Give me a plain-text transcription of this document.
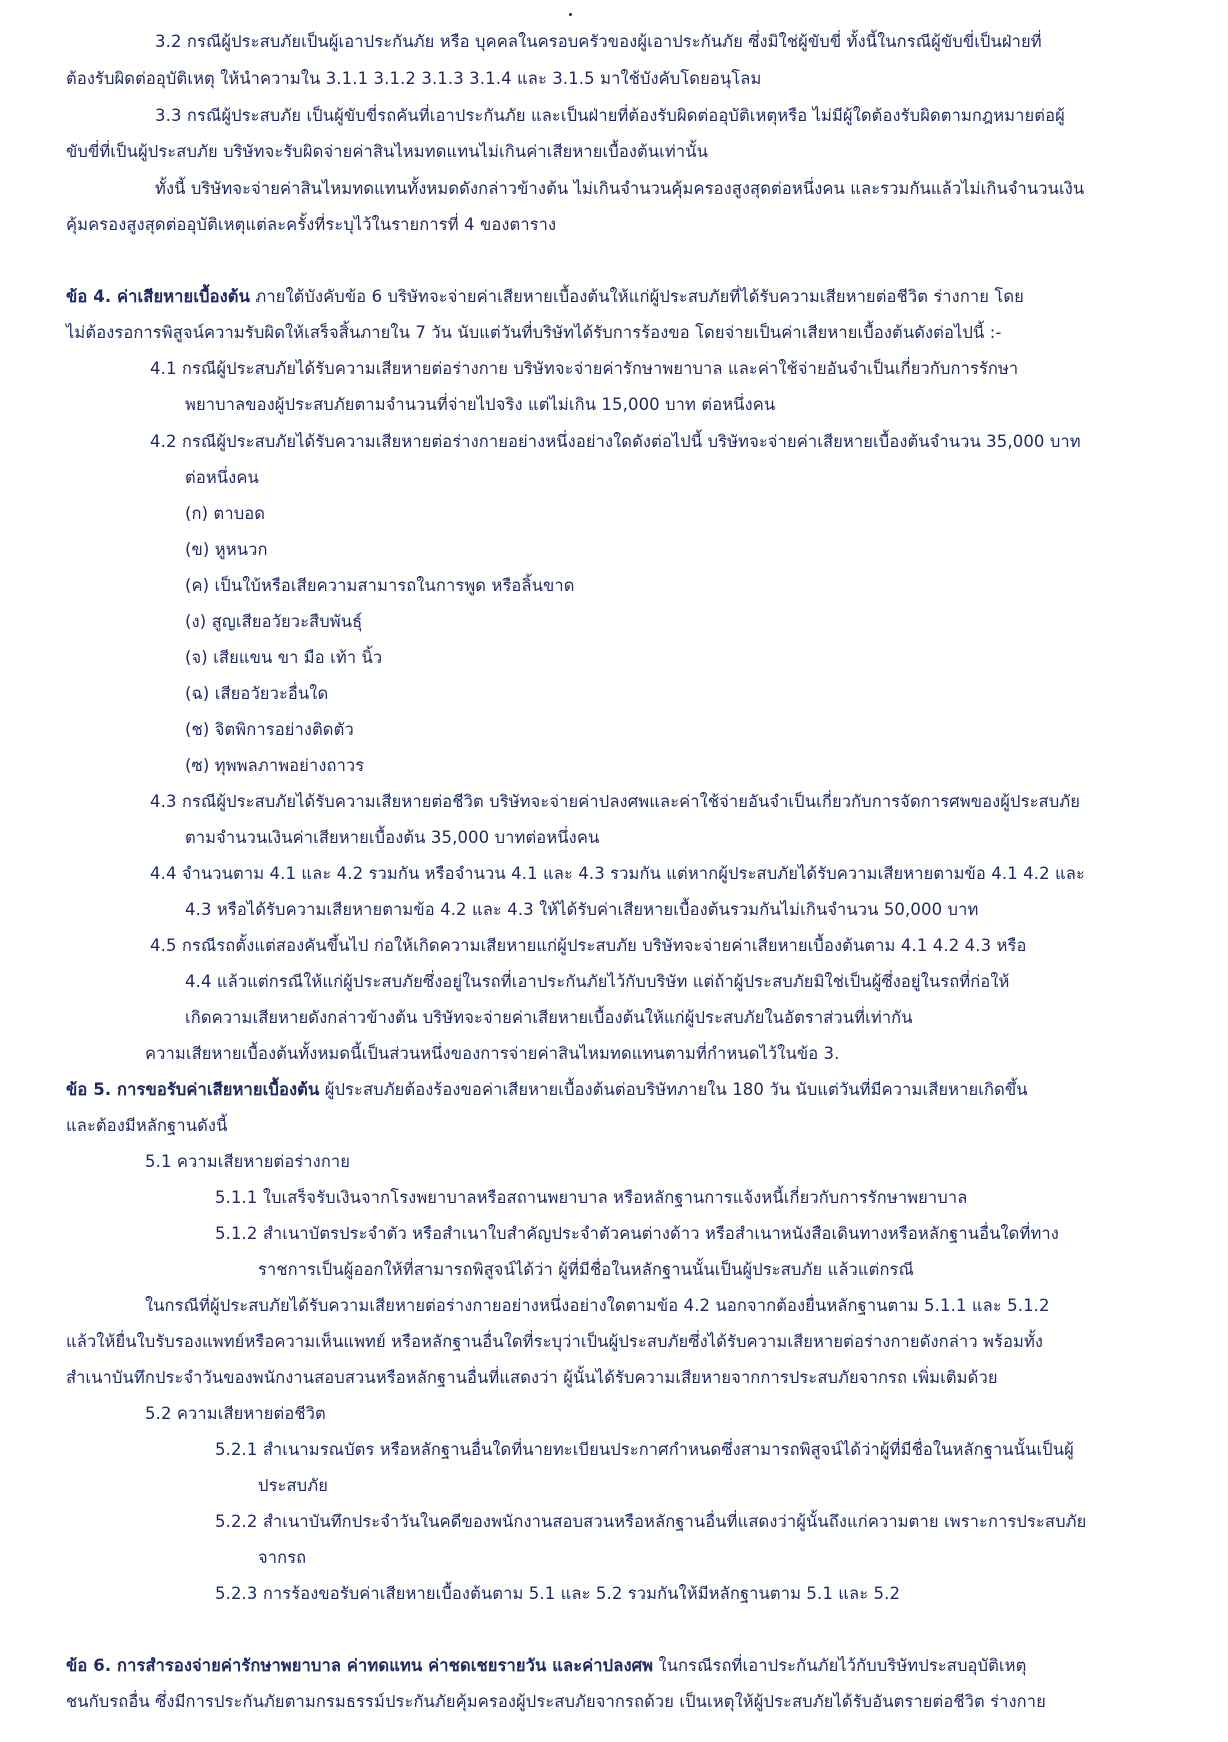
3.2 กรณีผู้ประสบภัยเป็นผู้เอาประกันภัย หรือ บุคคลในครอบครัวของผู้เอาประกันภัย ซึ่งมิใช่ผู้ขับขี่ ทั้งนี้ในกรณีผู้ขับขี่เป็นฝ่ายที่
ต้องรับผิดต่ออุบัติเหตุ ให้นำความใน 3.1.1 3.1.2 3.1.3 3.1.4 และ 3.1.5 มาใช้บังคับโดยอนุโลม
3.3 กรณีผู้ประสบภัย เป็นผู้ขับขี่รถคันที่เอาประกันภัย และเป็นฝ่ายที่ต้องรับผิดต่ออุบัติเหตุหรือ ไม่มีผู้ใดต้องรับผิดตามกฎหมายต่อผู้
ขับขี่ที่เป็นผู้ประสบภัย บริษัทจะรับผิดจ่ายค่าสินไหมทดแทนไม่เกินค่าเสียหายเบื้องต้นเท่านั้น
ทั้งนี้ บริษัทจะจ่ายค่าสินไหมทดแทนทั้งหมดดังกล่าวข้างต้น ไม่เกินจำนวนคุ้มครองสูงสุดต่อหนึ่งคน และรวมกันแล้วไม่เกินจำนวนเงิน
คุ้มครองสูงสุดต่ออุบัติเหตุแต่ละครั้งที่ระบุไว้ในรายการที่ 4 ของตาราง
ข้อ 4. ค่าเสียหายเบื้องต้น ภายใต้บังคับข้อ 6 บริษัทจะจ่ายค่าเสียหายเบื้องต้นให้แก่ผู้ประสบภัยที่ได้รับความเสียหายต่อชีวิต ร่างกาย โดย
ไม่ต้องรอการพิสูจน์ความรับผิดให้เสร็จสิ้นภายใน 7 วัน นับแต่วันที่บริษัทได้รับการร้องขอ โดยจ่ายเป็นค่าเสียหายเบื้องต้นดังต่อไปนี้ :-
4.1 กรณีผู้ประสบภัยได้รับความเสียหายต่อร่างกาย บริษัทจะจ่ายค่ารักษาพยาบาล และค่าใช้จ่ายอันจำเป็นเกี่ยวกับการรักษา
พยาบาลของผู้ประสบภัยตามจำนวนที่จ่ายไปจริง แต่ไม่เกิน 15,000 บาท ต่อหนึ่งคน
4.2 กรณีผู้ประสบภัยได้รับความเสียหายต่อร่างกายอย่างหนึ่งอย่างใดดังต่อไปนี้ บริษัทจะจ่ายค่าเสียหายเบื้องต้นจำนวน 35,000 บาท
ต่อหนึ่งคน
(ก) ตาบอด
(ข) หูหนวก
(ค) เป็นใบ้หรือเสียความสามารถในการพูด หรือลิ้นขาด
(ง) สูญเสียอวัยวะสืบพันธุ์
(จ) เสียแขน ขา มือ เท้า นิ้ว
(ฉ) เสียอวัยวะอื่นใด
(ช) จิตพิการอย่างติดตัว
(ซ) ทุพพลภาพอย่างถาวร
4.3 กรณีผู้ประสบภัยได้รับความเสียหายต่อชีวิต บริษัทจะจ่ายค่าปลงศพและค่าใช้จ่ายอันจำเป็นเกี่ยวกับการจัดการศพของผู้ประสบภัย
ตามจำนวนเงินค่าเสียหายเบื้องต้น 35,000 บาทต่อหนึ่งคน
4.4 จำนวนตาม 4.1 และ 4.2 รวมกัน หรือจำนวน 4.1 และ 4.3 รวมกัน แต่หากผู้ประสบภัยได้รับความเสียหายตามข้อ 4.1 4.2 และ
4.3 หรือได้รับความเสียหายตามข้อ 4.2 และ 4.3 ให้ได้รับค่าเสียหายเบื้องต้นรวมกันไม่เกินจำนวน 50,000 บาท
4.5 กรณีรถตั้งแต่สองคันขึ้นไป ก่อให้เกิดความเสียหายแก่ผู้ประสบภัย บริษัทจะจ่ายค่าเสียหายเบื้องต้นตาม 4.1 4.2 4.3 หรือ
4.4 แล้วแต่กรณีให้แก่ผู้ประสบภัยซึ่งอยู่ในรถที่เอาประกันภัยไว้กับบริษัท แต่ถ้าผู้ประสบภัยมิใช่เป็นผู้ซึ่งอยู่ในรถที่ก่อให้
เกิดความเสียหายดังกล่าวข้างต้น บริษัทจะจ่ายค่าเสียหายเบื้องต้นให้แก่ผู้ประสบภัยในอัตราส่วนที่เท่ากัน
ความเสียหายเบื้องต้นทั้งหมดนี้เป็นส่วนหนึ่งของการจ่ายค่าสินไหมทดแทนตามที่กำหนดไว้ในข้อ 3.
ข้อ 5. การขอรับค่าเสียหายเบื้องต้น ผู้ประสบภัยต้องร้องขอค่าเสียหายเบื้องต้นต่อบริษัทภายใน 180 วัน นับแต่วันที่มีความเสียหายเกิดขึ้น
และต้องมีหลักฐานดังนี้
5.1 ความเสียหายต่อร่างกาย
5.1.1 ใบเสร็จรับเงินจากโรงพยาบาลหรือสถานพยาบาล หรือหลักฐานการแจ้งหนี้เกี่ยวกับการรักษาพยาบาล
5.1.2 สำเนาบัตรประจำตัว หรือสำเนาใบสำคัญประจำตัวคนต่างด้าว หรือสำเนาหนังสือเดินทางหรือหลักฐานอื่นใดที่ทาง
ราชการเป็นผู้ออกให้ที่สามารถพิสูจน์ได้ว่า ผู้ที่มีชื่อในหลักฐานนั้นเป็นผู้ประสบภัย แล้วแต่กรณี
ในกรณีที่ผู้ประสบภัยได้รับความเสียหายต่อร่างกายอย่างหนึ่งอย่างใดตามข้อ 4.2 นอกจากต้องยื่นหลักฐานตาม 5.1.1 และ 5.1.2
แล้วให้ยื่นใบรับรองแพทย์หรือความเห็นแพทย์ หรือหลักฐานอื่นใดที่ระบุว่าเป็นผู้ประสบภัยซึ่งได้รับความเสียหายต่อร่างกายดังกล่าว พร้อมทั้ง
สำเนาบันทึกประจำวันของพนักงานสอบสวนหรือหลักฐานอื่นที่แสดงว่า ผู้นั้นได้รับความเสียหายจากการประสบภัยจากรถ เพิ่มเติมด้วย
5.2 ความเสียหายต่อชีวิต
5.2.1 สำเนามรณบัตร หรือหลักฐานอื่นใดที่นายทะเบียนประกาศกำหนดซึ่งสามารถพิสูจน์ได้ว่าผู้ที่มีชื่อในหลักฐานนั้นเป็นผู้
ประสบภัย
5.2.2 สำเนาบันทึกประจำวันในคดีของพนักงานสอบสวนหรือหลักฐานอื่นที่แสดงว่าผู้นั้นถึงแก่ความตาย เพราะการประสบภัย
จากรถ
5.2.3 การร้องขอรับค่าเสียหายเบื้องต้นตาม 5.1 และ 5.2 รวมกันให้มีหลักฐานตาม 5.1 และ 5.2
ข้อ 6. การสำรองจ่ายค่ารักษาพยาบาล ค่าทดแทน ค่าชดเชยรายวัน และค่าปลงศพ ในกรณีรถที่เอาประกันภัยไว้กับบริษัทประสบอุบัติเหตุ
ชนกับรถอื่น ซึ่งมีการประกันภัยตามกรมธรรม์ประกันภัยคุ้มครองผู้ประสบภัยจากรถด้วย เป็นเหตุให้ผู้ประสบภัยได้รับอันตรายต่อชีวิต ร่างกาย
